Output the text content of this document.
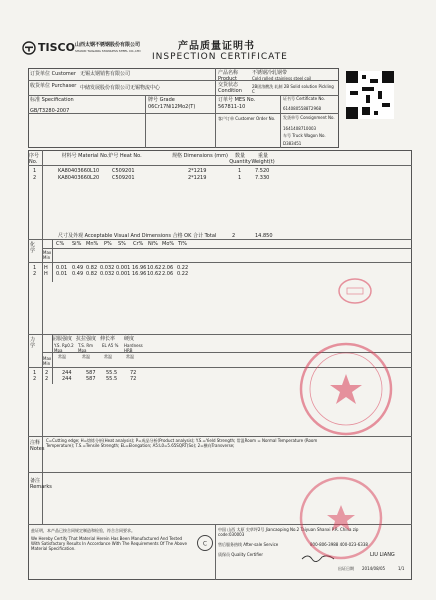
TISCO 山西太钢不锈钢股份有限公司
SHANXI TAIGANG STAINLESS STEEL CO.,LTD	产品质量证明书
INSPECTION CERTIFICATE
订货单位 Customer 无锡太钢销售有限公司	产品名称 Product
不锈钢冷轧钢带
Cold rolled stainless steel coil
收货单位 Purchaser 中储发展股份有限公司无锡物流中心	交货状态 Condition
2B固溶酸洗 轧制 2B Solid solution Pickling C
标准 Specification
GB/T3280-2007
牌号 Grade
06Cr17Ni12Mo2(T)
订单号 MES No.
567811-10
客户订单 Customer Order No.
证书号 Certificate No.
6140805588T2968
发货单号 Consignment No.
1641408710003
车号 Truck Wagon No.
D383451
序号 No.
材料号 Material No. 炉号 Heat No.	规格 Dimensions (mm)	数量 Quantity
重量 Weight(t)
1	KA80403660L10	C509201	2*1219	1	7.520
2	KA80403660L20	C509201	2*1219	1	7.330
尺寸及外观 Acceptable Visual And Dimensions 合格 OK 合计 Total	2	14.850
化
学
C% Si% Mn% P% S% Cr% Ni% Mo% Ti%
Max Min
1 H 0.01 0.49 0.82 0.032 0.001 16.96 10.62 2.06 0.22
2 H 0.01 0.49 0.82 0.032 0.001 16.96 10.62 2.06 0.22
力
学
屈服强度 抗拉强度 伸长率 硬度
Y.S. Rp0.2 Mpa
T.S. Rm Mpa
EL A5 %	Hardness HRB
常温	常温	常温	常温
Max Min
1 2	244	587 55.5	72
2 2	244	587 55.5	72
注释 Notes
C=Cutting edge; H=熔炼分析(Heat analysis); P=成品分析(Product analysis); Y.S.=Yield Strength; 常温Room = Normal Temperature (Room Temperature); T.S.=Tensile Strength; EL=Elongation; A5:L0=5.65SQRT(So); 2=横向Transverse;
备注 Remarks
兹证明，本产品已按合同规定制造和检验，符合合同要求。
We Hereby Certify That Material Herein Has Been Manufactured And Tested With Satisfactory Results In Accordance With The Requirements Of The Above Material Specification.
C
中国 山西 太原 尖草坪2号 Jiancaoping No.2 Taiyuan Shanxi P.R. China zip code:030003
售后服务热线 After-sale Service	800-806-3988 400-023-6338
质保员 Quality Certifier	LIU LIANG
出证日期 2014/08/05	1/1
